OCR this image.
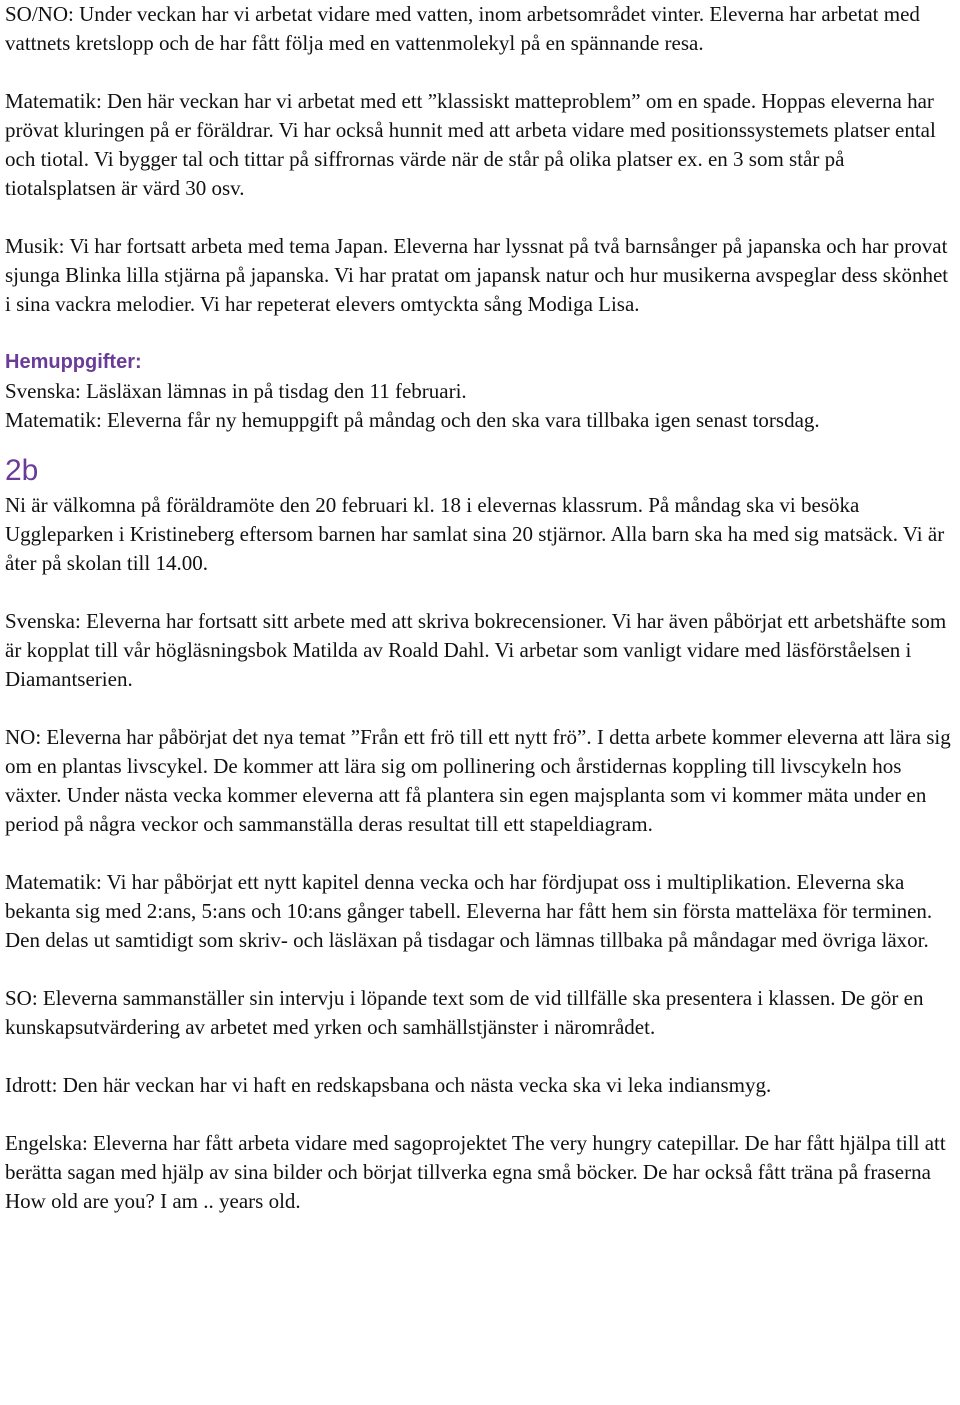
SO/NO: Under veckan har vi arbetat vidare med vatten, inom arbetsområdet vinter. Eleverna har arbetat med vattnets kretslopp och de har fått följa med en vattenmolekyl på en spännande resa.

Matematik: Den här veckan har vi arbetat med ett ”klassiskt matteproblem” om en spade. Hoppas eleverna har prövat kluringen på er föräldrar. Vi har också hunnit med att arbeta vidare med positionssystemets platser ental och tiotal. Vi bygger tal och tittar på siffrornas värde när de står på olika platser ex. en 3 som står på tiotalsplatsen är värd 30 osv.

Musik: Vi har fortsatt arbeta med tema Japan. Eleverna har lyssnat på två barnsånger på japanska och har provat sjunga Blinka lilla stjärna på japanska. Vi har pratat om japansk natur och hur musikerna avspeglar dess skönhet i sina vackra melodier. Vi har repeterat elevers omtyckta sång Modiga Lisa.

Hemuppgifter:

Svenska: Läsläxan lämnas in på tisdag den 11 februari.

Matematik: Eleverna får ny hemuppgift på måndag och den ska vara tillbaka igen senast torsdag.

2b

Ni är välkomna på föräldramöte den 20 februari kl. 18 i elevernas klassrum. På måndag ska vi besöka Uggleparken i Kristineberg eftersom barnen har samlat sina 20 stjärnor. Alla barn ska ha med sig matsäck. Vi är åter på skolan till 14.00.

Svenska: Eleverna har fortsatt sitt arbete med att skriva bokrecensioner. Vi har även påbörjat ett arbetshäfte som är kopplat till vår högläsningsbok Matilda av Roald Dahl. Vi arbetar som vanligt vidare med läsförståelsen i Diamantserien.

NO: Eleverna har påbörjat det nya temat ”Från ett frö till ett nytt frö”. I detta arbete kommer eleverna att lära sig om en plantas livscykel. De kommer att lära sig om pollinering och årstidernas koppling till livscykeln hos växter. Under nästa vecka kommer eleverna att få plantera sin egen majsplanta som vi kommer mäta under en period på några veckor och sammanställa deras resultat till ett stapeldiagram.

Matematik: Vi har påbörjat ett nytt kapitel denna vecka och har fördjupat oss i multiplikation. Eleverna ska bekanta sig med 2:ans, 5:ans och 10:ans gånger tabell. Eleverna har fått hem sin första matteläxa för terminen. Den delas ut samtidigt som skriv- och läsläxan på tisdagar och lämnas tillbaka på måndagar med övriga läxor.

SO: Eleverna sammanställer sin intervju i löpande text som de vid tillfälle ska presentera i klassen. De gör en kunskapsutvärdering av arbetet med yrken och samhällstjänster i närområdet.

Idrott: Den här veckan har vi haft en redskapsbana och nästa vecka ska vi leka indiansmyg.

Engelska: Eleverna har fått arbeta vidare med sagoprojektet The very hungry catepillar. De har fått hjälpa till att berätta sagan med hjälp av sina bilder och börjat tillverka egna små böcker. De har också fått träna på fraserna How old are you? I am .. years old.
